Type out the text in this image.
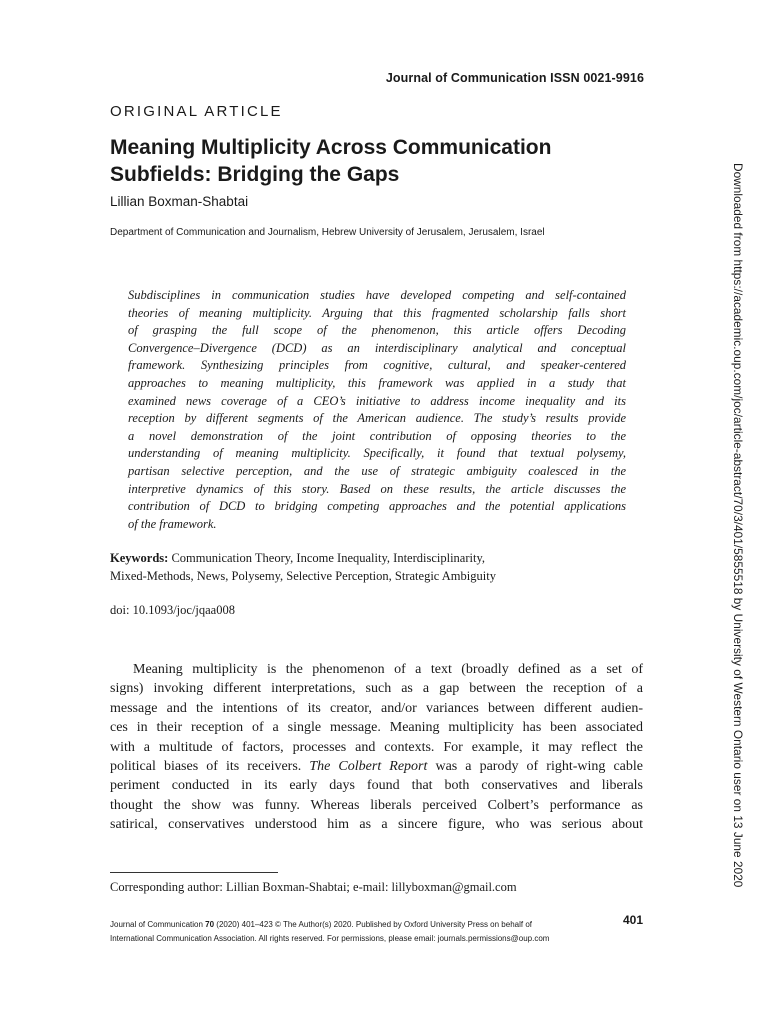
Journal of Communication ISSN 0021-9916
ORIGINAL ARTICLE
Meaning Multiplicity Across Communication
Subfields: Bridging the Gaps
Lillian Boxman-Shabtai
Department of Communication and Journalism, Hebrew University of Jerusalem, Jerusalem, Israel
Subdisciplines in communication studies have developed competing and self-contained
theories of meaning multiplicity. Arguing that this fragmented scholarship falls short
of grasping the full scope of the phenomenon, this article offers Decoding
Convergence–Divergence (DCD) as an interdisciplinary analytical and conceptual
framework. Synthesizing principles from cognitive, cultural, and speaker-centered
approaches to meaning multiplicity, this framework was applied in a study that
examined news coverage of a CEO’s initiative to address income inequality and its
reception by different segments of the American audience. The study’s results provide
a novel demonstration of the joint contribution of opposing theories to the
understanding of meaning multiplicity. Specifically, it found that textual polysemy,
partisan selective perception, and the use of strategic ambiguity coalesced in the
interpretive dynamics of this story. Based on these results, the article discusses the
contribution of DCD to bridging competing approaches and the potential applications
of the framework.
Keywords: Communication Theory, Income Inequality, Interdisciplinarity,
Mixed-Methods, News, Polysemy, Selective Perception, Strategic Ambiguity
doi: 10.1093/joc/jqaa008
Meaning multiplicity is the phenomenon of a text (broadly defined as a set of
signs) invoking different interpretations, such as a gap between the reception of a
message and the intentions of its creator, and/or variances between different audien-
ces in their reception of a single message. Meaning multiplicity has been associated
with a multitude of factors, processes and contexts. For example, it may reflect the
political biases of its receivers. The Colbert Report was a parody of right-wing cable
periment conducted in its early days found that both conservatives and liberals
thought the show was funny. Whereas liberals perceived Colbert’s performance as
satirical, conservatives understood him as a sincere figure, who was serious about
Corresponding author: Lillian Boxman-Shabtai; e-mail: lillyboxman@gmail.com
Journal of Communication 70 (2020) 401–423 © The Author(s) 2020. Published by Oxford University Press on behalf of
International Communication Association. All rights reserved. For permissions, please email: journals.permissions@oup.com
401
Downloaded from https://academic.oup.com/joc/article-abstract/70/3/401/5855518 by University of Western Ontario user on 13 June 2020
